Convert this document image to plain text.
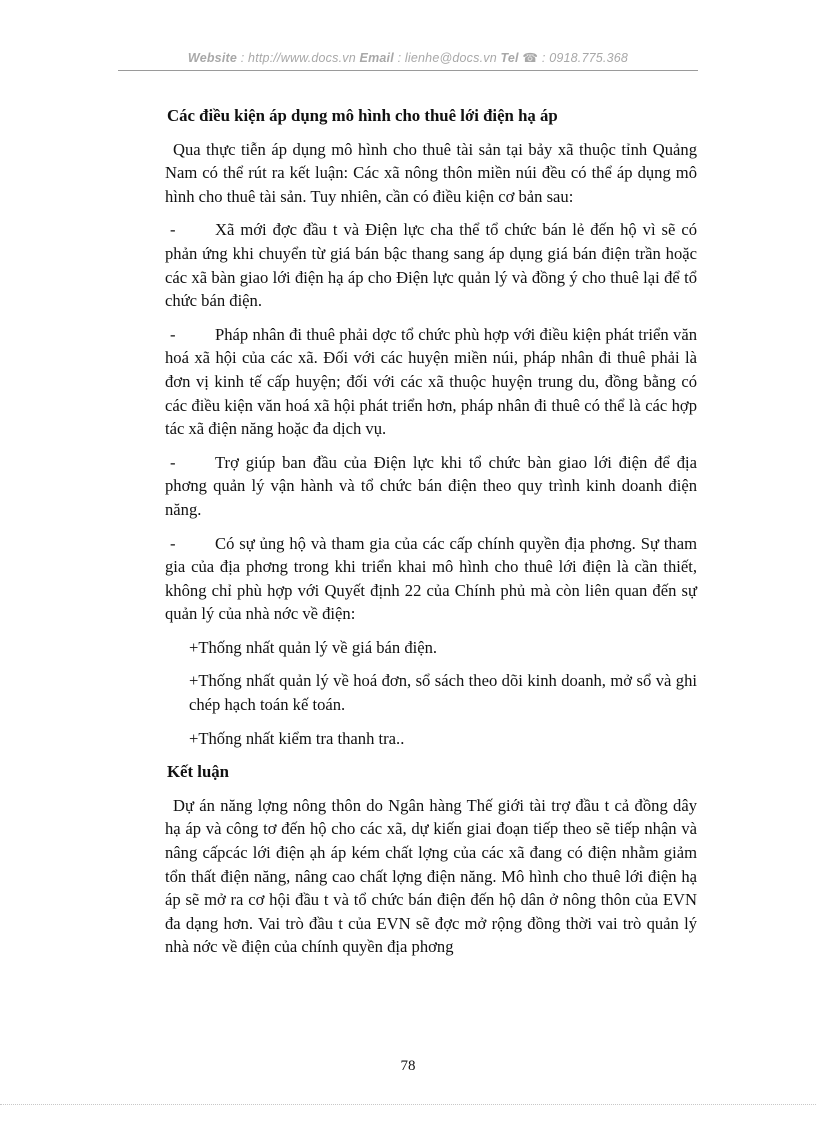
Website : http://www.docs.vn Email : lienhe@docs.vn Tel ☎ : 0918.775.368
Các điều kiện áp dụng mô hình cho thuê lới điện hạ áp

Qua thực tiễn áp dụng mô hình cho thuê tài sản tại bảy xã thuộc tỉnh Quảng Nam có thể rút ra kết luận: Các xã nông thôn miền núi đều có thể áp dụng mô hình cho thuê tài sản. Tuy nhiên, cần có điều kiện cơ bản sau:

- Xã mới đợc đầu t và Điện lực cha thể tổ chức bán lẻ đến hộ vì sẽ có phản ứng khi chuyển từ giá bán bậc thang sang áp dụng giá bán điện trần hoặc các xã bàn giao lới điện hạ áp cho Điện lực quản lý và đồng ý cho thuê lại để tổ chức bán điện.

- Pháp nhân đi thuê phải dợc tổ chức phù hợp với điều kiện phát triển văn hoá xã hội của các xã. Đối với các huyện miền núi, pháp nhân đi thuê phải là đơn vị kinh tế cấp huyện; đối với các xã thuộc huyện trung du, đồng bằng có các điều kiện văn hoá xã hội phát triển hơn, pháp nhân đi thuê có thể là các hợp tác xã điện năng hoặc đa dịch vụ.

- Trợ giúp ban đầu của Điện lực khi tổ chức bàn giao lới điện để địa phơng quản lý vận hành và tổ chức bán điện theo quy trình kinh doanh điện năng.

- Có sự ủng hộ và tham gia của các cấp chính quyền địa phơng. Sự tham gia của địa phơng trong khi triển khai mô hình cho thuê lới điện là cần thiết, không chỉ phù hợp với Quyết định 22 của Chính phủ mà còn liên quan đến sự quản lý của nhà nớc về điện:

+Thống nhất quản lý về giá bán điện.

+Thống nhất quản lý về hoá đơn, sổ sách theo dõi kinh doanh, mở sổ và ghi chép hạch toán kế toán.

+Thống nhất kiểm tra thanh tra..

Kết luận

Dự án năng lợng nông thôn do Ngân hàng Thế giới tài trợ đầu t cả đồng dây hạ áp và công tơ đến hộ cho các xã, dự kiến giai đoạn tiếp theo sẽ tiếp nhận và nâng cấpcác lới điện ạh áp kém chất lợng của các xã đang có điện nhằm giảm tổn thất điện năng, nâng cao chất lợng điện năng. Mô hình cho thuê lới điện hạ áp sẽ mở ra cơ hội đầu t và tổ chức bán điện đến hộ dân ở nông thôn của EVN đa dạng hơn. Vai trò đầu t của EVN sẽ đợc mở rộng đồng thời vai trò quản lý nhà nớc về điện của chính quyền địa phơng

78
